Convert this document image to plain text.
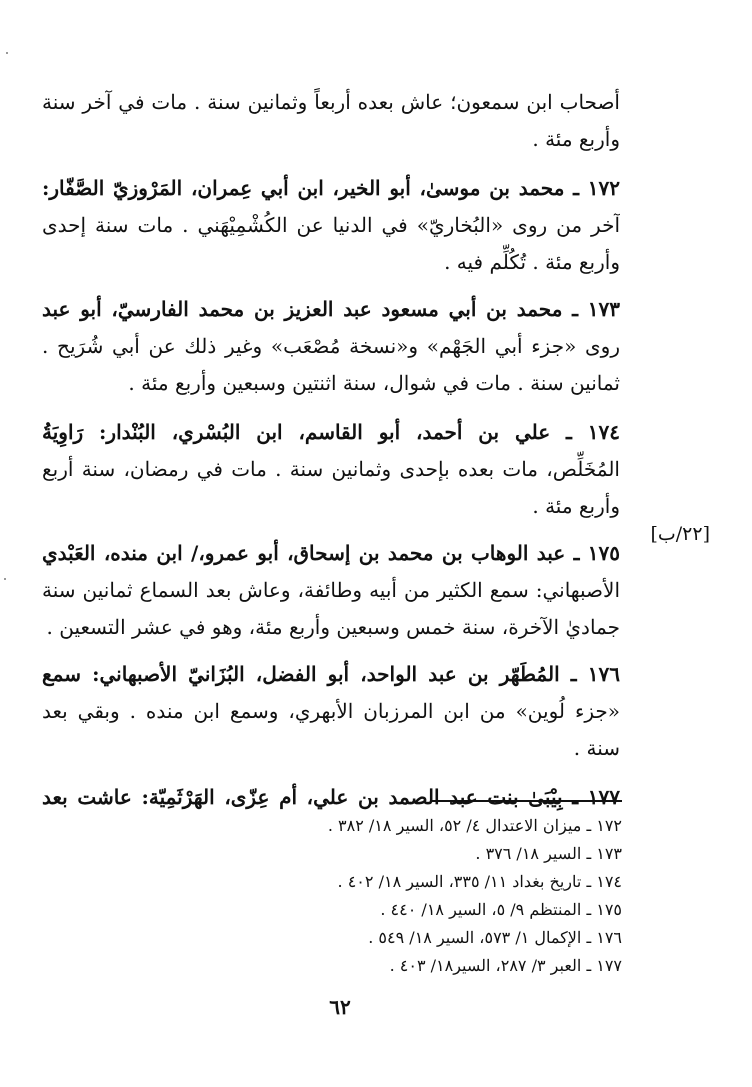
أصحاب ابن سمعون؛ عاش بعده أربعاً وثمانين سنة . مات في آخر سنة
وأربع مئة .
١٧٢ ـ محمد بن موسىٰ، أبو الخير، ابن أبي عِمران، المَرْوزيّ الصَّفّار:
آخر من روى «البُخاريّ» في الدنيا عن الكُشْمِيْهَني . مات سنة إحدى
وأربع مئة . تُكُلِّم فيه .
١٧٣ ـ محمد بن أبي مسعود عبد العزيز بن محمد الفارسيّ، أبو عبد
روى «جزء أبي الجَهْم» و«نسخة مُصْعَب» وغير ذلك عن أبي شُرَيح .
ثمانين سنة . مات في شوال، سنة اثنتين وسبعين وأربع مئة .
١٧٤ ـ علي بن أحمد، أبو القاسم، ابن البُسْري، البُنْدار: رَاوِيَةُ
المُخَلِّص، مات بعده بإحدى وثمانين سنة . مات في رمضان، سنة أربع
وأربع مئة .
١٧٥ ـ عبد الوهاب بن محمد بن إسحاق، أبو عمرو،/ ابن منده، العَبْدي
الأصبهاني: سمع الكثير من أبيه وطائفة، وعاش بعد السماع ثمانين سنة
جماديٰ الآخرة، سنة خمس وسبعين وأربع مئة، وهو في عشر التسعين .
١٧٦ ـ المُطَهّر بن عبد الواحد، أبو الفضل، البُزَانيّ الأصبهاني: سمع
«جزء لُوين» من ابن المرزبان الأبهري، وسمع ابن منده . وبقي بعد
سنة .
١٧٧ ـ بِيْبَىٰ بنت عبد الصمد بن علي، أم عِزّى، الهَرْثَمِيّة: عاشت بعد
[٢٢/ب]
١٧٢ ـ ميزان الاعتدال ٤/ ٥٢، السير ١٨/ ٣٨٢ .
١٧٣ ـ السير ١٨/ ٣٧٦ .
١٧٤ ـ تاريخ بغداد ١١/ ٣٣٥، السير ١٨/ ٤٠٢ .
١٧٥ ـ المنتظم ٩/ ٥، السير ١٨/ ٤٤٠ .
١٧٦ ـ الإكمال ١/ ٥٧٣، السير ١٨/ ٥٤٩ .
١٧٧ ـ العبر ٣/ ٢٨٧، السير١٨/ ٤٠٣ .
٦٢
